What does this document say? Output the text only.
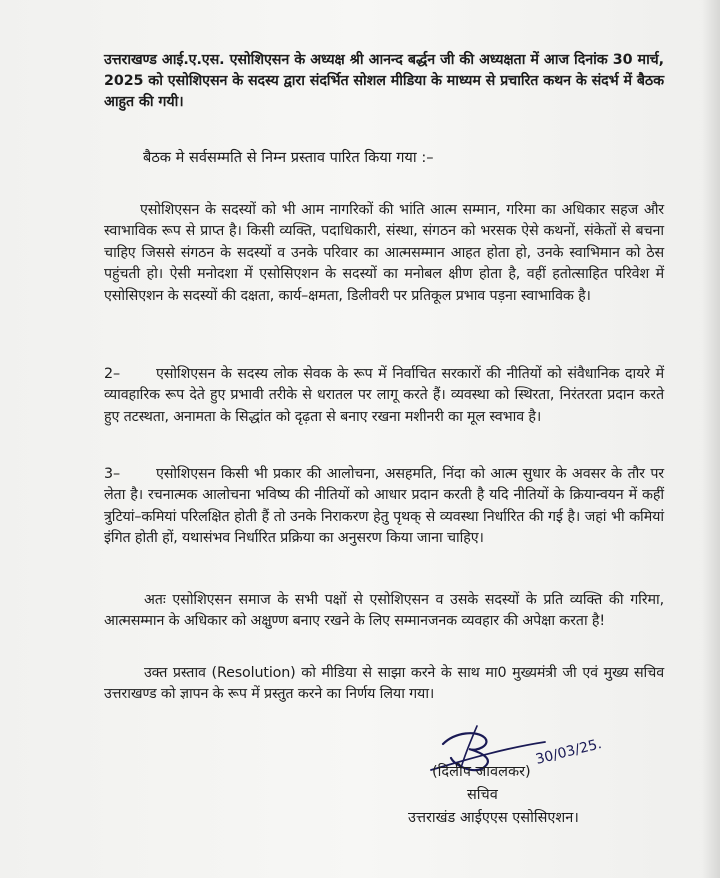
उत्तराखण्ड आई.ए.एस. एसोशिएसन के अध्यक्ष श्री आनन्द बर्द्धन जी की अध्यक्षता में आज दिनांक 30 मार्च, 2025 को एसोशिएसन के सदस्य द्वारा संदर्भित सोशल मीडिया के माध्यम से प्रचारित कथन के संदर्भ में बैठक आहुत की गयी।
बैठक मे सर्वसम्मति से निम्न प्रस्ताव पारित किया गया :–
एसोशिएसन के सदस्यों को भी आम नागरिकों की भांति आत्म सम्मान, गरिमा का अधिकार सहज और स्वाभाविक रूप से प्राप्त है। किसी व्यक्ति, पदाधिकारी, संस्था, संगठन को भरसक ऐसे कथनों, संकेतों से बचना चाहिए जिससे संगठन के सदस्यों व उनके परिवार का आत्मसम्मान आहत होता हो, उनके स्वाभिमान को ठेस पहुंचती हो। ऐसी मनोदशा में एसोसिएशन के सदस्यों का मनोबल क्षीण होता है, वहीं हतोत्साहित परिवेश में एसोसिएशन के सदस्यों की दक्षता, कार्य–क्षमता, डिलीवरी पर प्रतिकूल प्रभाव पड़ना स्वाभाविक है।
2–	एसोशिएसन के सदस्य लोक सेवक के रूप में निर्वाचित सरकारों की नीतियों को संवैधानिक दायरे में व्यावहारिक रूप देते हुए प्रभावी तरीके से धरातल पर लागू करते हैं। व्यवस्था को स्थिरता, निरंतरता प्रदान करते हुए तटस्थता, अनामता के सिद्धांत को दृढ़ता से बनाए रखना मशीनरी का मूल स्वभाव है।
3–	एसोशिएसन किसी भी प्रकार की आलोचना, असहमति, निंदा को आत्म सुधार के अवसर के तौर पर लेता है। रचनात्मक आलोचना भविष्य की नीतियों को आधार प्रदान करती है यदि नीतियों के क्रियान्वयन में कहीं त्रुटियां–कमियां परिलक्षित होती हैं तो उनके निराकरण हेतु पृथक् से व्यवस्था निर्धारित की गई है। जहां भी कमियां इंगित होती हों, यथासंभव निर्धारित प्रक्रिया का अनुसरण किया जाना चाहिए।
अतः एसोशिएसन समाज के सभी पक्षों से एसोशिएसन व उसके सदस्यों के प्रति व्यक्ति की गरिमा, आत्मसम्मान के अधिकार को अक्षुण्ण बनाए रखने के लिए सम्मानजनक व्यवहार की अपेक्षा करता है!
उक्त प्रस्ताव (Resolution) को मीडिया से साझा करने के साथ मा0 मुख्यमंत्री जी एवं मुख्य सचिव उत्तराखण्ड को ज्ञापन के रूप में प्रस्तुत करने का निर्णय लिया गया।
30/03/25.
(दिलीप जावलकर)
सचिव
उत्तराखंड आईएएस एसोसिएशन।
